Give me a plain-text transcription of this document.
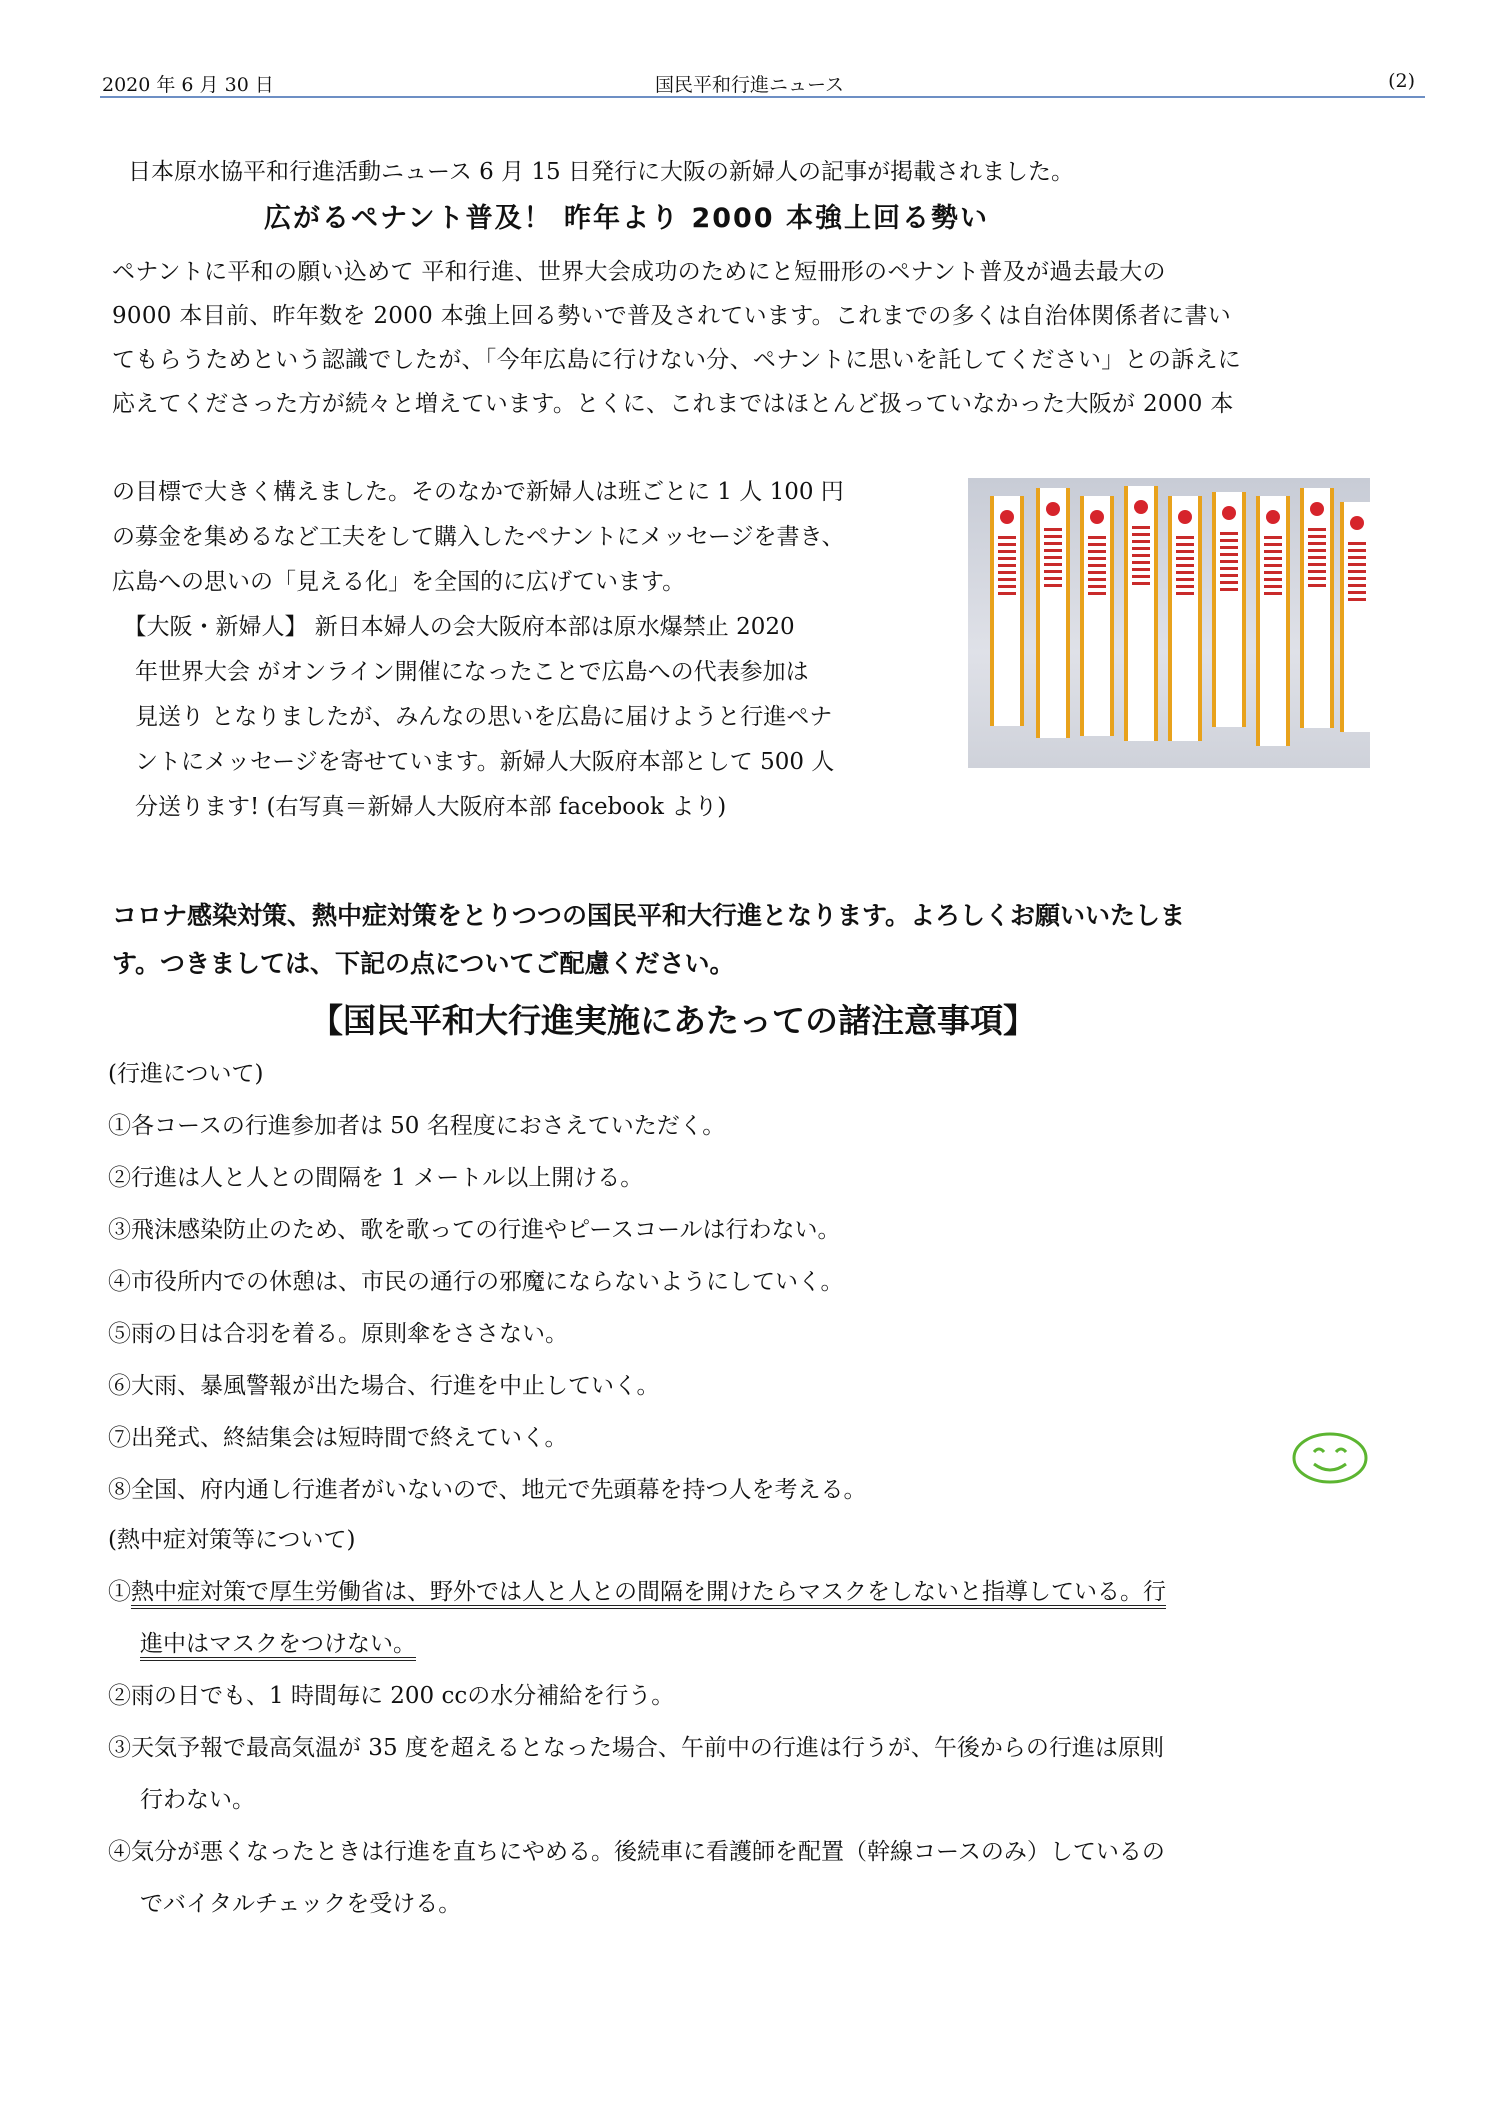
2020 年 6 月 30 日	国民平和行進ニュース	(2)

日本原水協平和行進活動ニュース 6 月 15 日発行に大阪の新婦人の記事が掲載されました。

広がるペナント普及！ 昨年より 2000 本強上回る勢い
ペナントに平和の願い込めて 平和行進、世界大会成功のためにと短冊形のペナント普及が過去最大の
9000 本目前、昨年数を 2000 本強上回る勢いで普及されています。これまでの多くは自治体関係者に書い
てもらうためという認識でしたが、「今年広島に行けない分、ペナントに思いを託してください」との訴えに
応えてくださった方が続々と増えています。とくに、これまではほとんど扱っていなかった大阪が 2000 本
の目標で大きく構えました。そのなかで新婦人は班ごとに 1 人 100 円
の募金を集めるなど工夫をして購入したペナントにメッセージを書き、
広島への思いの「見える化」を全国的に広げています。
　【大阪・新婦人】 新日本婦人の会大阪府本部は原水爆禁止 2020
　年世界大会 がオンライン開催になったことで広島への代表参加は
　見送り となりましたが、みんなの思いを広島に届けようと行進ペナ
　ントにメッセージを寄せています。新婦人大阪府本部として 500 人
　分送ります! (右写真＝新婦人大阪府本部 facebook より)
コロナ感染対策、熱中症対策をとりつつの国民平和大行進となります。よろしくお願いいたしま
す。つきましては、下記の点についてご配慮ください。
【国民平和大行進実施にあたっての諸注意事項】
(行進について)
①各コースの行進参加者は 50 名程度におさえていただく。
②行進は人と人との間隔を 1 メートル以上開ける。
③飛沫感染防止のため、歌を歌っての行進やピースコールは行わない。
④市役所内での休憩は、市民の通行の邪魔にならないようにしていく。
⑤雨の日は合羽を着る。原則傘をささない。
⑥大雨、暴風警報が出た場合、行進を中止していく。
⑦出発式、終結集会は短時間で終えていく。
⑧全国、府内通し行進者がいないので、地元で先頭幕を持つ人を考える。
(熱中症対策等について)
①熱中症対策で厚生労働省は、野外では人と人との間隔を開けたらマスクをしないと指導している。行
進中はマスクをつけない。
②雨の日でも、1 時間毎に 200 ccの水分補給を行う。
③天気予報で最高気温が 35 度を超えるとなった場合、午前中の行進は行うが、午後からの行進は原則
行わない。
④気分が悪くなったときは行進を直ちにやめる。後続車に看護師を配置（幹線コースのみ）しているの
でバイタルチェックを受ける。
